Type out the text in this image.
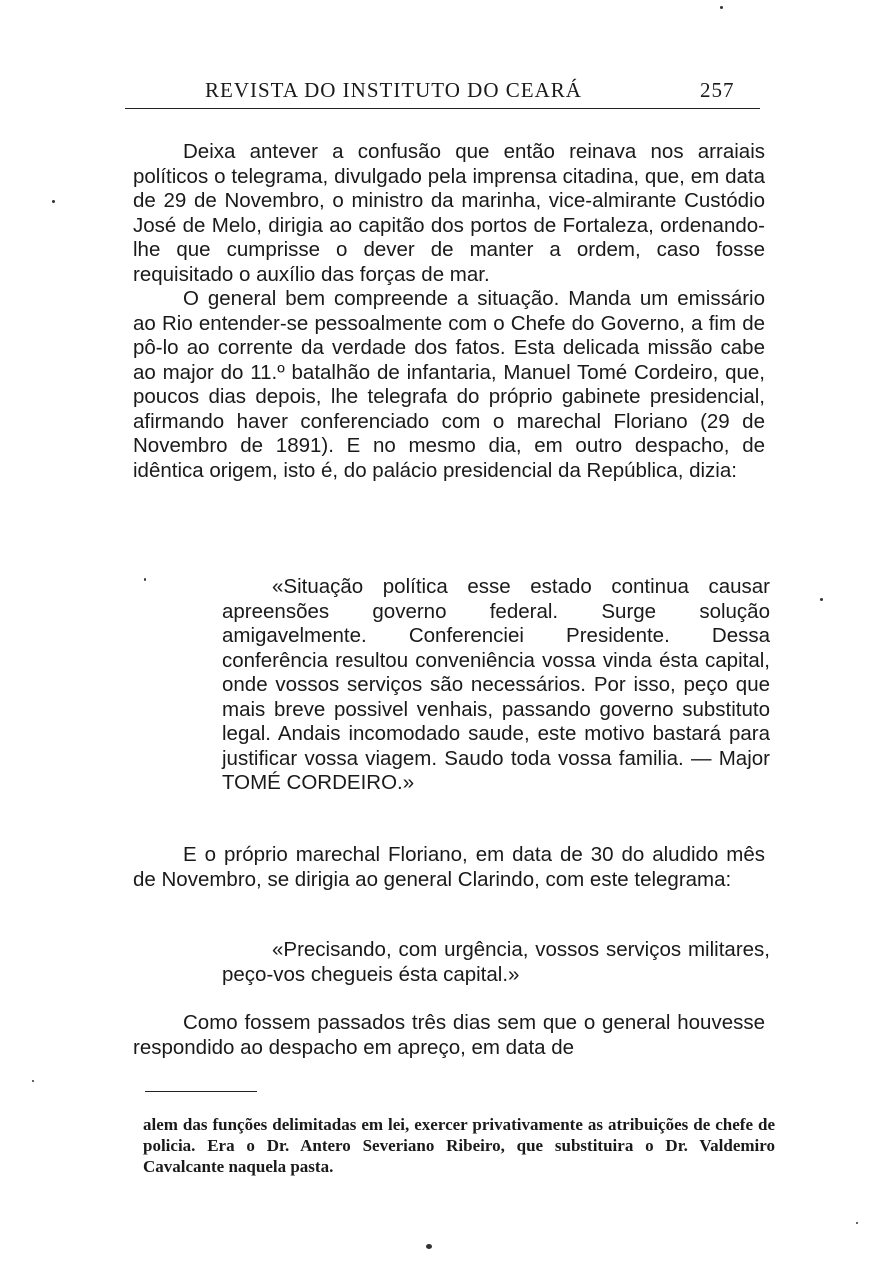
REVISTA DO INSTITUTO DO CEARÁ	257

Deixa antever a confusão que então reinava nos arraiais políticos o telegrama, divulgado pela imprensa citadina, que, em data de 29 de Novembro, o ministro da marinha, vice-almirante Custódio José de Melo, dirigia ao capitão dos portos de Fortaleza, ordenando-lhe que cumprisse o dever de manter a ordem, caso fosse requisitado o auxílio das forças de mar.

O general bem compreende a situação. Manda um emissário ao Rio entender-se pessoalmente com o Chefe do Governo, a fim de pô-lo ao corrente da verdade dos fatos. Esta delicada missão cabe ao major do 11.º batalhão de infantaria, Manuel Tomé Cordeiro, que, poucos dias depois, lhe telegrafa do próprio gabinete presidencial, afirmando haver conferenciado com o marechal Floriano (29 de Novembro de 1891). E no mesmo dia, em outro despacho, de idêntica origem, isto é, do palácio presidencial da República, dizia:

«Situação política esse estado continua causar apreensões governo federal. Surge solução amigavelmente. Conferenciei Presidente. Dessa conferência resultou conveniência vossa vinda ésta capital, onde vossos serviços são necessários. Por isso, peço que mais breve possivel venhais, passando governo substituto legal. Andais incomodado saude, este motivo bastará para justificar vossa viagem. Saudo toda vossa familia. — Major TOMÉ CORDEIRO.»

E o próprio marechal Floriano, em data de 30 do aludido mês de Novembro, se dirigia ao general Clarindo, com este telegrama:

«Precisando, com urgência, vossos serviços militares, peço-vos chegueis ésta capital.»

Como fossem passados três dias sem que o general houvesse respondido ao despacho em apreço, em data de

alem das funções delimitadas em lei, exercer privativamente as atribuições de chefe de policia. Era o Dr. Antero Severiano Ribeiro, que substituira o Dr. Valdemiro Cavalcante naquela pasta.
